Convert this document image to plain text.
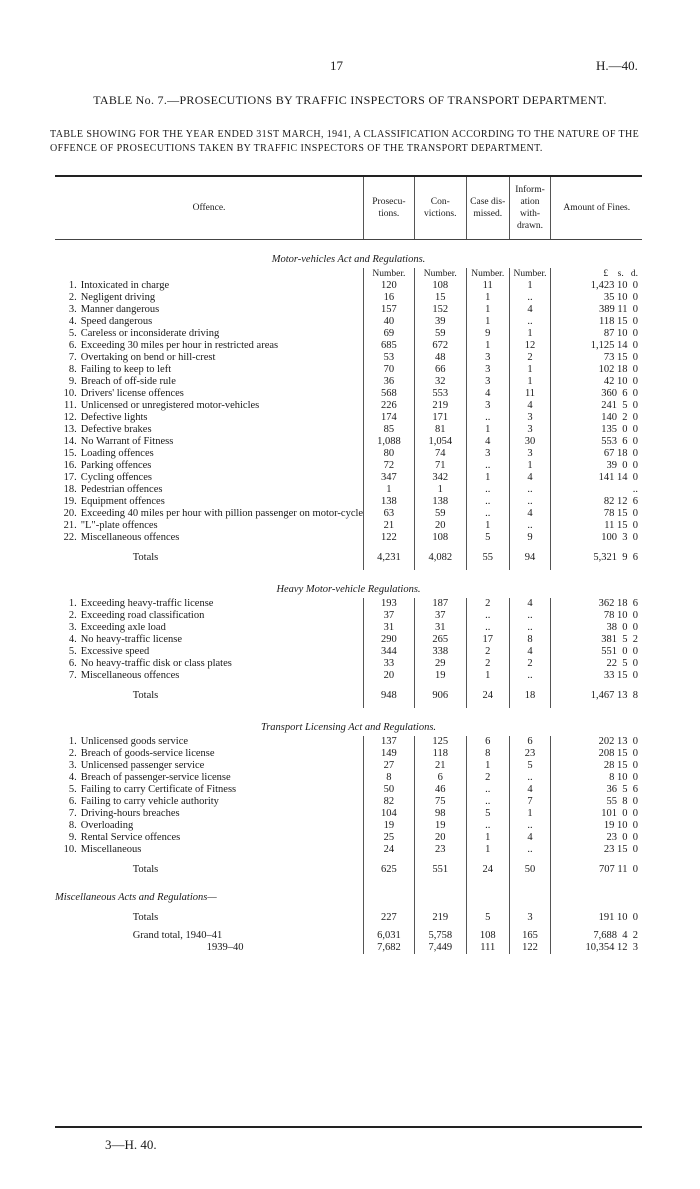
17	H.—40.
TABLE No. 7.—PROSECUTIONS BY TRAFFIC INSPECTORS OF TRANSPORT DEPARTMENT.
TABLE SHOWING FOR THE YEAR ENDED 31ST MARCH, 1941, A CLASSIFICATION ACCORDING TO THE NATURE OF THE OFFENCE OF PROSECUTIONS TAKEN BY TRAFFIC INSPECTORS OF THE TRANSPORT DEPARTMENT.
Offence.		Prosecu-tions.	Con-victions.	Case dis-missed.	Inform-ation with-drawn.	Amount of Fines.
Motor-vehicles Act and Regulations.						
		Number.	Number.	Number.	Number.	£    s.   d.
1.	Intoxicated in charge	120	108	11	1	1,423 10  0
2.	Negligent driving	16	15	1	..	35 10  0
3.	Manner dangerous	157	152	1	4	389 11  0
4.	Speed dangerous	40	39	1	..	118 15  0
5.	Careless or inconsiderate driving	69	59	9	1	87 10  0
6.	Exceeding 30 miles per hour in restricted areas	685	672	1	12	1,125 14  0
7.	Overtaking on bend or hill-crest	53	48	3	2	73 15  0
8.	Failing to keep to left	70	66	3	1	102 18  0
9.	Breach of off-side rule	36	32	3	1	42 10  0
10.	Drivers' license offences	568	553	4	11	360  6  0
11.	Unlicensed or unregistered motor-vehicles	226	219	3	4	241  5  0
12.	Defective lights	174	171	..	3	140  2  0
13.	Defective brakes	85	81	1	3	135  0  0
14.	No Warrant of Fitness	1,088	1,054	4	30	553  6  0
15.	Loading offences	80	74	3	3	67 18  0
16.	Parking offences	72	71	..	1	39  0  0
17.	Cycling offences	347	342	1	4	141 14  0
18.	Pedestrian offences	1	1	..	..	..
19.	Equipment offences	138	138	..	..	82 12  6
20.	Exceeding 40 miles per hour with pillion passenger on motor-cycle	63	59	..	4	78 15  0
21.	"L"-plate offences	21	20	1	..	11 15  0
22.	Miscellaneous offences	122	108	5	9	100  3  0
	Totals	4,231	4,082	55	94	5,321  9  6
Heavy Motor-vehicle Regulations.						
1.	Exceeding heavy-traffic license	193	187	2	4	362 18  6
2.	Exceeding road classification	37	37	..	..	78 10  0
3.	Exceeding axle load	31	31	..	..	38  0  0
4.	No heavy-traffic license	290	265	17	8	381  5  2
5.	Excessive speed	344	338	2	4	551  0  0
6.	No heavy-traffic disk or class plates	33	29	2	2	22  5  0
7.	Miscellaneous offences	20	19	1	..	33 15  0
	Totals	948	906	24	18	1,467 13  8
Transport Licensing Act and Regulations.						
1.	Unlicensed goods service	137	125	6	6	202 13  0
2.	Breach of goods-service license	149	118	8	23	208 15  0
3.	Unlicensed passenger service	27	21	1	5	28 15  0
4.	Breach of passenger-service license	8	6	2	..	8 10  0
5.	Failing to carry Certificate of Fitness	50	46	..	4	36  5  6
6.	Failing to carry vehicle authority	82	75	..	7	55  8  0
7.	Driving-hours breaches	104	98	5	1	101  0  0
8.	Overloading	19	19	..	..	19 10  0
9.	Rental Service offences	25	20	1	4	23  0  0
10.	Miscellaneous	24	23	1	..	23 15  0
	Totals	625	551	24	50	707 11  0
Miscellaneous Acts and Regulations—						
	Totals	227	219	5	3	191 10  0
	Grand total, 1940–41	6,031	5,758	108	165	7,688  4  2
	1939–40	7,682	7,449	111	122	10,354 12  3
3—H. 40.
